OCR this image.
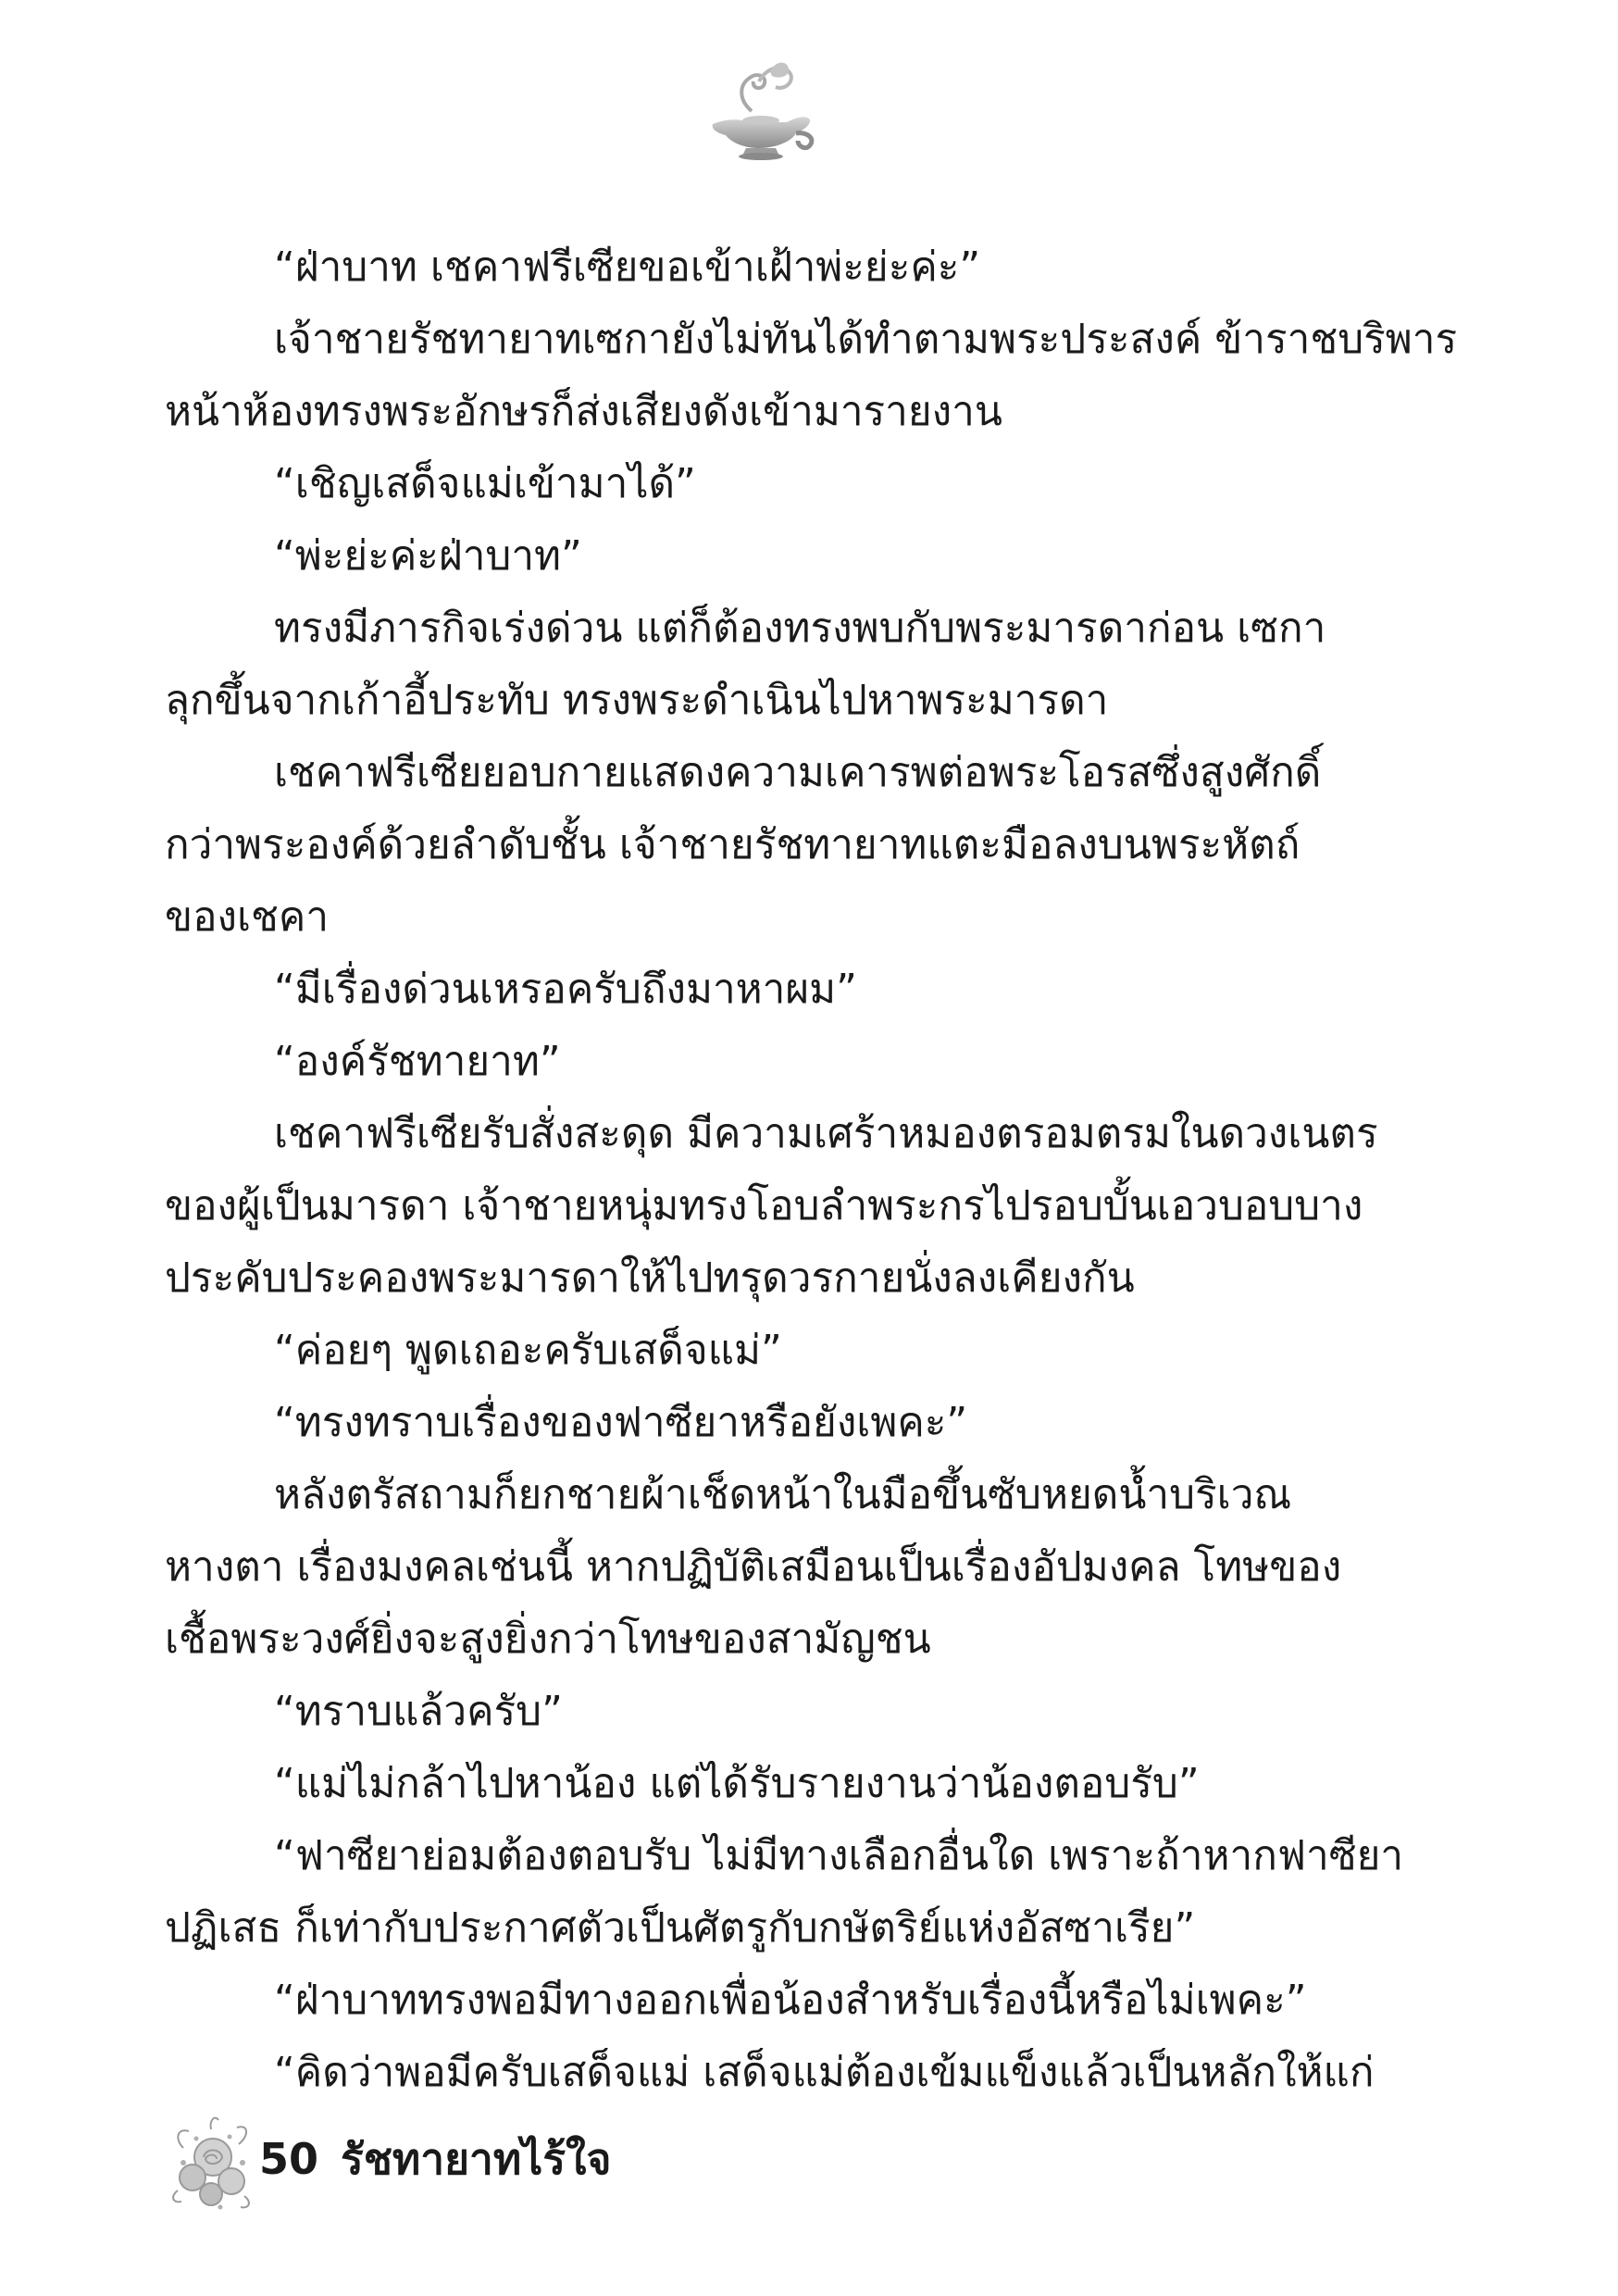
“ฝ่าบาท เชคาฟรีเซียขอเข้าเฝ้าพ่ะย่ะค่ะ”
เจ้าชายรัชทายาทเซกายังไม่ทันได้ทำตามพระประสงค์ ข้าราชบริพาร
หน้าห้องทรงพระอักษรก็ส่งเสียงดังเข้ามารายงาน
“เชิญเสด็จแม่เข้ามาได้”
“พ่ะย่ะค่ะฝ่าบาท”
ทรงมีภารกิจเร่งด่วน แต่ก็ต้องทรงพบกับพระมารดาก่อน เซกา
ลุกขึ้นจากเก้าอี้ประทับ ทรงพระดำเนินไปหาพระมารดา
เชคาฟรีเซียยอบกายแสดงความเคารพต่อพระโอรสซึ่งสูงศักดิ์
กว่าพระองค์ด้วยลำดับชั้น เจ้าชายรัชทายาทแตะมือลงบนพระหัตถ์
ของเชคา
“มีเรื่องด่วนเหรอครับถึงมาหาผม”
“องค์รัชทายาท”
เชคาฟรีเซียรับสั่งสะดุด มีความเศร้าหมองตรอมตรมในดวงเนตร
ของผู้เป็นมารดา เจ้าชายหนุ่มทรงโอบลำพระกรไปรอบบั้นเอวบอบบาง
ประคับประคองพระมารดาให้ไปทรุดวรกายนั่งลงเคียงกัน
“ค่อยๆ พูดเถอะครับเสด็จแม่”
“ทรงทราบเรื่องของฟาซียาหรือยังเพคะ”
หลังตรัสถามก็ยกชายผ้าเช็ดหน้าในมือขึ้นซับหยดน้ำบริเวณ
หางตา เรื่องมงคลเช่นนี้ หากปฏิบัติเสมือนเป็นเรื่องอัปมงคล โทษของ
เชื้อพระวงศ์ยิ่งจะสูงยิ่งกว่าโทษของสามัญชน
“ทราบแล้วครับ”
“แม่ไม่กล้าไปหาน้อง แต่ได้รับรายงานว่าน้องตอบรับ”
“ฟาซียาย่อมต้องตอบรับ ไม่มีทางเลือกอื่นใด เพราะถ้าหากฟาซียา
ปฏิเสธ ก็เท่ากับประกาศตัวเป็นศัตรูกับกษัตริย์แห่งอัสซาเรีย”
“ฝ่าบาททรงพอมีทางออกเพื่อน้องสำหรับเรื่องนี้หรือไม่เพคะ”
“คิดว่าพอมีครับเสด็จแม่ เสด็จแม่ต้องเข้มแข็งแล้วเป็นหลักให้แก่
50 รัชทายาทไร้ใจ
